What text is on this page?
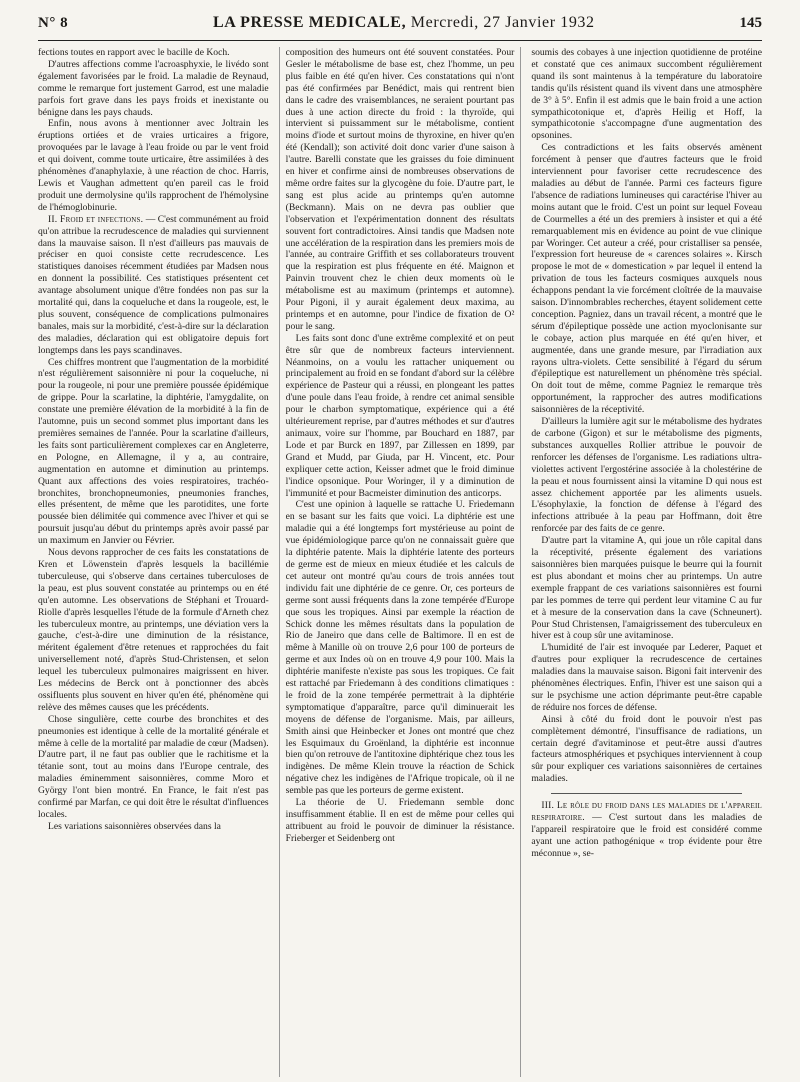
N° 8	LA PRESSE MEDICALE, Mercredi, 27 Janvier 1932	145

fections toutes en rapport avec le bacille de Koch.

D'autres affections comme l'acroasphyxie, le livédo sont également favorisées par le froid. La maladie de Reynaud, comme le remarque fort justement Garrod, est une maladie parfois fort grave dans les pays froids et inexistante ou bénigne dans les pays chauds.

Enfin, nous avons à mentionner avec Joltrain les éruptions ortiées et de vraies urticaires a frigore, provoquées par le lavage à l'eau froide ou par le vent froid et qui doivent, comme toute urticaire, être assimilées à des phénomènes d'anaphylaxie, à une réaction de choc. Harris, Lewis et Vaughan admettent qu'en pareil cas le froid produit une dermolysine qu'ils rapprochent de l'hémolysine de l'hémoglobinurie.

II. Froid et infections. — C'est communément au froid qu'on attribue la recrudescence de maladies qui surviennent dans la mauvaise saison. Il n'est d'ailleurs pas mauvais de préciser en quoi consiste cette recrudescence. Les statistiques danoises récemment étudiées par Madsen nous en donnent la possibilité. Ces statistiques présentent cet avantage absolument unique d'être fondées non pas sur la mortalité qui, dans la coqueluche et dans la rougeole, est, le plus souvent, conséquence de complications pulmonaires banales, mais sur la morbidité, c'est-à-dire sur la déclaration des maladies, déclaration qui est obligatoire depuis fort longtemps dans les pays scandinaves.

Ces chiffres montrent que l'augmentation de la morbidité n'est régulièrement saisonnière ni pour la coqueluche, ni pour la rougeole, ni pour une première poussée épidémique de grippe. Pour la scarlatine, la diphtérie, l'amygdalite, on constate une première élévation de la morbidité à la fin de l'automne, puis un second sommet plus important dans les premières semaines de l'année. Pour la scarlatine d'ailleurs, les faits sont particulièrement complexes car en Angleterre, en Pologne, en Allemagne, il y a, au contraire, augmentation en automne et diminution au printemps. Quant aux affections des voies respiratoires, trachéo-bronchites, bronchopneumonies, pneumonies franches, elles présentent, de même que les parotidites, une forte poussée bien délimitée qui commence avec l'hiver et qui se poursuit jusqu'au début du printemps après avoir passé par un maximum en Janvier ou Février.

Nous devons rapprocher de ces faits les constatations de Kren et Löwenstein d'après lesquels la bacillémie tuberculeuse, qui s'observe dans certaines tuberculoses de la peau, est plus souvent constatée au printemps ou en été qu'en automne. Les observations de Stéphani et Trouard-Riolle d'après lesquelles l'étude de la formule d'Arneth chez les tuberculeux montre, au printemps, une déviation vers la gauche, c'est-à-dire une diminution de la résistance, méritent également d'être retenues et rapprochées du fait universellement noté, d'après Stud-Christensen, et selon lequel les tuberculeux pulmonaires maigrissent en hiver. Les médecins de Berck ont à ponctionner des abcès ossifluents plus souvent en hiver qu'en été, phénomène qui relève des mêmes causes que les précédents.

Chose singulière, cette courbe des bronchites et des pneumonies est identique à celle de la mortalité générale et même à celle de la mortalité par maladie de cœur (Madsen). D'autre part, il ne faut pas oublier que le rachitisme et la tétanie sont, tout au moins dans l'Europe centrale, des maladies éminemment saisonnières, comme Moro et György l'ont bien montré. En France, le fait n'est pas confirmé par Marfan, ce qui doit être le résultat d'influences locales.

Les variations saisonnières observées dans la

composition des humeurs ont été souvent constatées. Pour Gesler le métabolisme de base est, chez l'homme, un peu plus faible en été qu'en hiver. Ces constatations qui n'ont pas été confirmées par Benédict, mais qui rentrent bien dans le cadre des vraisemblances, ne seraient pourtant pas dues à une action directe du froid : la thyroïde, qui intervient si puissamment sur le métabolisme, contient moins d'iode et surtout moins de thyroxine, en hiver qu'en été (Kendall); son activité doit donc varier d'une saison à l'autre. Barelli constate que les graisses du foie diminuent en hiver et confirme ainsi de nombreuses observations de même ordre faites sur la glycogène du foie. D'autre part, le sang est plus acide au printemps qu'en automne (Beckmann). Mais on ne devra pas oublier que l'observation et l'expérimentation donnent des résultats souvent fort contradictoires. Ainsi tandis que Madsen note une accélération de la respiration dans les premiers mois de l'année, au contraire Griffith et ses collaborateurs trouvent que la respiration est plus fréquente en été. Maignon et Painvin trouvent chez le chien deux moments où le métabolisme est au maximum (printemps et automne). Pour Pigoni, il y aurait également deux maxima, au printemps et en automne, pour l'indice de fixation de O² pour le sang.

Les faits sont donc d'une extrême complexité et on peut être sûr que de nombreux facteurs interviennent. Néanmoins, on a voulu les rattacher uniquement ou principalement au froid en se fondant d'abord sur la célèbre expérience de Pasteur qui a réussi, en plongeant les pattes d'une poule dans l'eau froide, à rendre cet animal sensible pour le charbon symptomatique, expérience qui a été ultérieurement reprise, par d'autres méthodes et sur d'autres animaux, voire sur l'homme, par Bouchard en 1887, par Lode et par Burck en 1897, par Zillessen en 1899, par Grand et Mudd, par Giuda, par H. Vincent, etc. Pour expliquer cette action, Keisser admet que le froid diminue l'indice opsonique. Pour Woringer, il y a diminution de l'immunité et pour Bacmeister diminution des anticorps.

C'est une opinion à laquelle se rattache U. Friedemann en se basant sur les faits que voici. La diphtérie est une maladie qui a été longtemps fort mystérieuse au point de vue épidémiologique parce qu'on ne connaissait guère que la diphtérie patente. Mais la diphtérie latente des porteurs de germe est de mieux en mieux étudiée et les calculs de cet auteur ont montré qu'au cours de trois années tout individu fait une diphtérie de ce genre. Or, ces porteurs de germe sont aussi fréquents dans la zone tempérée d'Europe que sous les tropiques. Ainsi par exemple la réaction de Schick donne les mêmes résultats dans la population de Rio de Janeiro que dans celle de Baltimore. Il en est de même à Manille où on trouve 2,6 pour 100 de porteurs de germe et aux Indes où on en trouve 4,9 pour 100. Mais la diphtérie manifeste n'existe pas sous les tropiques. Ce fait est rattaché par Friedemann à des conditions climatiques : le froid de la zone tempérée permettrait à la diphtérie symptomatique d'apparaître, parce qu'il diminuerait les moyens de défense de l'organisme. Mais, par ailleurs, Smith ainsi que Heinbecker et Jones ont montré que chez les Esquimaux du Groënland, la diphtérie est inconnue bien qu'on retrouve de l'antitoxine diphtérique chez tous les indigènes. De même Klein trouve la réaction de Schick négative chez les indigènes de l'Afrique tropicale, où il ne semble pas que les porteurs de germe existent.

La théorie de U. Friedemann semble donc insuffisamment établie. Il en est de même pour celles qui attribuent au froid le pouvoir de diminuer la résistance. Frieberger et Seidenberg ont

soumis des cobayes à une injection quotidienne de protéine et constaté que ces animaux succombent régulièrement quand ils sont maintenus à la température du laboratoire tandis qu'ils résistent quand ils vivent dans une atmosphère de 3° à 5°. Enfin il est admis que le bain froid a une action sympathicotonique et, d'après Heilig et Hoff, la sympathicotonie s'accompagne d'une augmentation des opsonines.

Ces contradictions et les faits observés amènent forcément à penser que d'autres facteurs que le froid interviennent pour favoriser cette recrudescence des maladies au début de l'année. Parmi ces facteurs figure l'absence de radiations lumineuses qui caractérise l'hiver au moins autant que le froid. C'est un point sur lequel Foveau de Courmelles a été un des premiers à insister et qui a été remarquablement mis en évidence au point de vue clinique par Woringer. Cet auteur a créé, pour cristalliser sa pensée, l'expression fort heureuse de « carences solaires ». Kirsch propose le mot de « domestication » par lequel il entend la privation de tous les facteurs cosmiques auxquels nous échappons pendant la vie forcément cloîtrée de la mauvaise saison. D'innombrables recherches, étayent solidement cette conception. Pagniez, dans un travail récent, a montré que le sérum d'épileptique possède une action myoclonisante sur le cobaye, action plus marquée en été qu'en hiver, et augmentée, dans une grande mesure, par l'irradiation aux rayons ultra-violets. Cette sensibilité à l'égard du sérum d'épileptique est naturellement un phénomène très spécial. On doit tout de même, comme Pagniez le remarque très opportunément, la rapprocher des autres modifications saisonnières de la réceptivité.

D'ailleurs la lumière agit sur le métabolisme des hydrates de carbone (Gigon) et sur le métabolisme des pigments, substances auxquelles Rollier attribue le pouvoir de renforcer les défenses de l'organisme. Les radiations ultra-violettes activent l'ergostérine associée à la cholestérine de la peau et nous fournissent ainsi la vitamine D qui nous est assez chichement apportée par les aliments usuels. L'ésophylaxie, la fonction de défense à l'égard des infections attribuée à la peau par Hoffmann, doit être renforcée par des faits de ce genre.

D'autre part la vitamine A, qui joue un rôle capital dans la réceptivité, présente également des variations saisonnières bien marquées puisque le beurre qui la fournit est plus abondant et moins cher au printemps. Un autre exemple frappant de ces variations saisonnières est fourni par les pommes de terre qui perdent leur vitamine C au fur et à mesure de la conservation dans la cave (Schneunert). Pour Stud Christensen, l'amaigrissement des tuberculeux en hiver est à coup sûr une avitaminose.

L'humidité de l'air est invoquée par Lederer, Paquet et d'autres pour expliquer la recrudescence de certaines maladies dans la mauvaise saison. Bigoni fait intervenir des phénomènes électriques. Enfin, l'hiver est une saison qui a sur le psychisme une action déprimante peut-être capable de réduire nos forces de défense.

Ainsi à côté du froid dont le pouvoir n'est pas complètement démontré, l'insuffisance de radiations, un certain degré d'avitaminose et peut-être aussi d'autres facteurs atmosphériques et psychiques interviennent à coup sûr pour expliquer ces variations saisonnières de certaines maladies.

III. Le rôle du froid dans les maladies de l'appareil respiratoire. — C'est surtout dans les maladies de l'appareil respiratoire que le froid est considéré comme ayant une action pathogénique « trop évidente pour être méconnue », se-
